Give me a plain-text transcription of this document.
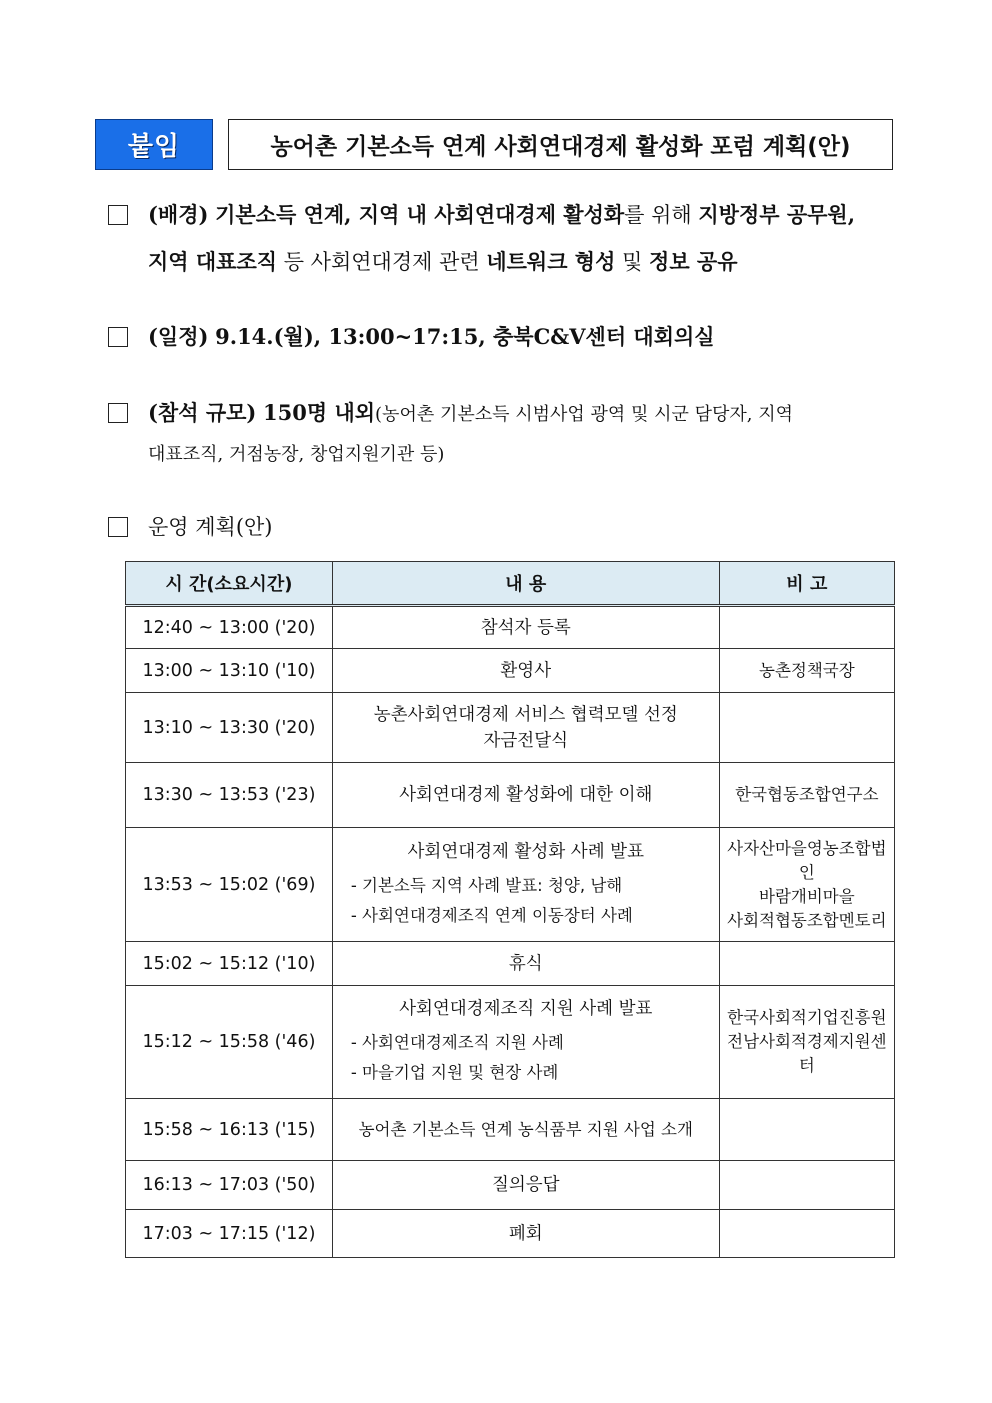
붙임	농어촌 기본소득 연계 사회연대경제 활성화 포럼 계획(안)
(배경) 기본소득 연계, 지역 내 사회연대경제 활성화를 위해 지방정부 공무원,
지역 대표조직 등 사회연대경제 관련 네트워크 형성 및 정보 공유
(일정) 9.14.(월), 13:00~17:15, 충북C&V센터 대회의실
(참석 규모) 150명 내외(농어촌 기본소득 시범사업 광역 및 시군 담당자, 지역
대표조직, 거점농장, 창업지원기관 등)
운영 계획(안)
시 간(소요시간)	내 용	비 고
12:40 ~ 13:00 ('20)	참석자 등록	
13:00 ~ 13:10 ('10)	환영사	농촌정책국장
13:10 ~ 13:30 ('20)	농촌사회연대경제 서비스 협력모델 선정
자금전달식	

13:30 ~ 13:53 ('23)	사회연대경제 활성화에 대한 이해	한국협동조합연구소
13:53 ~ 15:02 ('69)	사회연대경제 활성화 사례 발표
- 기본소득 지역 사례 발표: 청양, 남해
- 사회연대경제조직 연계 이동장터 사례	사자산마을영농조합법인
바람개비마을
사회적협동조합멘토리

15:02 ~ 15:12 ('10)	휴식	
15:12 ~ 15:58 ('46)	사회연대경제조직 지원 사례 발표
- 사회연대경제조직 지원 사례
- 마을기업 지원 및 현장 사례	한국사회적기업진흥원
전남사회적경제지원센터

15:58 ~ 16:13 ('15)	농어촌 기본소득 연계 농식품부 지원 사업 소개	
16:13 ~ 17:03 ('50)	질의응답	
17:03 ~ 17:15 ('12)	폐회	
